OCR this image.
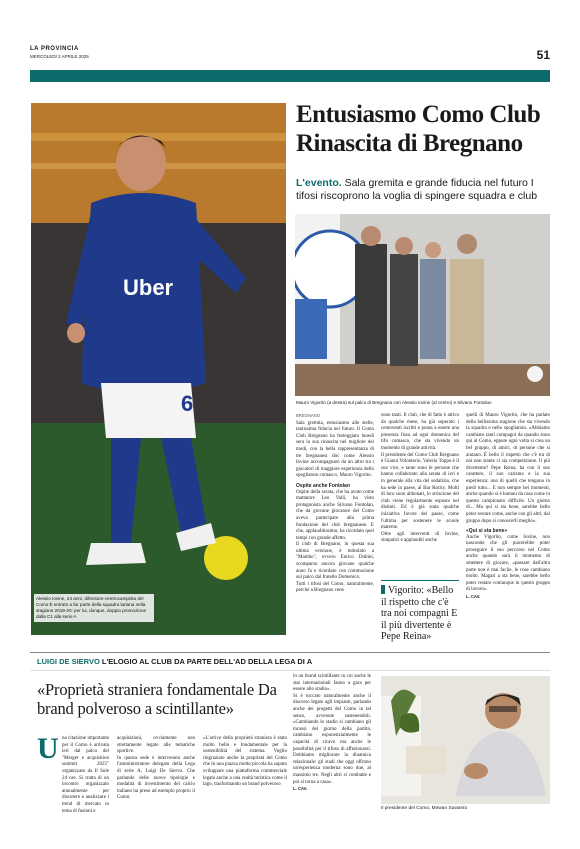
LA PROVINCIA
MERCOLEDÌ 2 APRILE 2025	51
Uber
6
Alessio Iovine, 24 anni, difensore-centrocampista del Como È entrato a far parte della squadra lariana nella stagione 2019-20: per lui, dunque, doppia promozione dalla C1 alla serie A
Entusiasmo Como Club Rinascita di Bregnano
L'evento. Sala gremita e grande fiducia nel futuro I tifosi riscoprono la voglia di spingere squadra e club
Mauro Vigorito (a destra) sul palco di Bregnano con Alessio Iovine (al centro) e Silvano Fontolan

BREGNANO

Sala gremita, entusiasmo alle stelle, tantissima fiducia nel futuro. Il Como Club Bregnano ha festeggiato lunedì sera la sua rinascita nel migliore dei modi, con la bella rappresentanza di tre bregnanesi doc come Alessio Iovine accompagnato da un altro tra i giocatori di maggiore esperienza dello spogliatoio comasco, Mauro Vigorito.

Ospite anche Fontolan

Ospite della serata, che ha avuto come mattatore Leo Valli, ha visto protagonista anche Silvano Fontolan, che da giovane giocatore del Como aveva partecipato alla prima fondazione del club bregnanese. E che, applauditissimo, ha ricordato quei tempi con grande affetto.

Il club di Bregnano, in questa sua ultima versione, è intitolato a "Mambo", ovvero Enrico Dubini, scomparso ancora giovane qualche anno fa e ricordato con commozione sul palco dal fratello Domenico.

Tutti i tifosi del Como, naturalmente, perché a Bregnano cene

sono tanti. Il club, che di fatto è attivo da qualche mese, ha già superato i centoventi iscritti e punta a essere una presenza fissa ad ogni domenica del tifo comasco, che sta vivendo un momento di grande attività.

Il presidente del Como Club Bregnano è Gianni Volonterio, Valerio Toppo è il suo vice, e tante sono le persone che hanno collaborato alla serata di ieri e in generale alla vita del sodalizio, che ha sede in paese, al Bar Rocky. Molti di loro sono abbonati, lo striscione del club viene regolarmente esposto nei distinti. Ed è già stata qualche iniziativa favore del paese, come l'ultima per sostenere le scuole materne.

Oltre agli interventi di Iovine, simpatici e applauditi anche

Vigorito: «Bello il rispetto che c'è tra noi compagni E il più divertente è Pepe Reina»

quelli di Mauro Vigorito, che ha parlato della bellissima stagione che sta vivendo la squadra e nello spogliatoio. «Abbiamo cambiato tanti compagni da quando sono qui al Como, eppure ogni volta si crea un bel gruppo, di amici, di persone che si aiutano. È bello il rispetto che c'è tra di noi non stante ci sia competizione. Il più divertente? Pepe Reina, ha con il suo carattere, il suo carisma e la sua esperienza: uno di quelli che tengono in piedi tutto... E non sempre bei momenti, anche quando si è lontani da casa come in questo campionato difficile. Un giorno di... Ma qui si sta bene, sarebbe bello poter restare come, anche con gli altri, dal gruppo dopo si conoscerli meglio».

«Qui si sta bene»

Anche Vigorito, come Iovine, non nasconde che gli piacerebbe poter proseguire il suo percorso nel Como anche quando sarà il momento di smettere di giocare, «passare dall'altra parte non è mai facile, le cose cambiano molto. Magari a sta bene, sarebbe bello poter restare comunque in questo gruppo di lavoro».

L. CAV.

LUIGI DE SIERVO L'ELOGIO AL CLUB DA PARTE DELL'AD DELLA LEGA DI A
«Proprietà straniera fondamentale Da brand polveroso a scintillante»
U na citazione importante per il Como è arrivata ieri dal palco del "Merger e acquisition summit 2025" organizzato da Il Sole 24 ore. Si tratta di un incontro organizzato annualmente per discutere e analizzare i trend di mercato in tema di fusioni e

acquisizioni, ovviamente non strettamente legato alle tematiche sportive.

In questa sede è intervenuto anche l'amministratore delegato della Lega di serie A, Luigi De Siervo. Che parlando delle nuove tipologie e modalità di investimento del calcio italiano ha preso ad esempio proprio il Como.

«L'arrivo della proprietà straniera è stato molto bello e fondamentale per la sostenibilità del sistema. Voglio ringraziare anche la proprietà del Como che in una piazza molto piccola ha saputo sviluppare una piattaforma commerciale legata anche a una realtà turistica come il lago, trasformando un brand polveroso

in un brand scintillante in cui anche le star internazionali fanno a gara per essere allo stadio».

Si è toccato naturalmente anche il discorso legato agli impianti, parlando anche dei progetti del Como in tal senso, avvenute sostenendoli. «Cambiando lo stadio si cambiano gli incassi del giorno della partita, cambiano esponenzialmente le capacità di ricavo ma anche le possibilità per il tifoso di affezionarsi. Dobbiamo migliorare la dinamica relazionale: gli stadi che oggi offrono un'esperienza moderna sono due, al massimo tre. Negli altri si combatte e poi si torna a casa».

L. CAV.

Il presidente del Como, Mirwan Suwarso
